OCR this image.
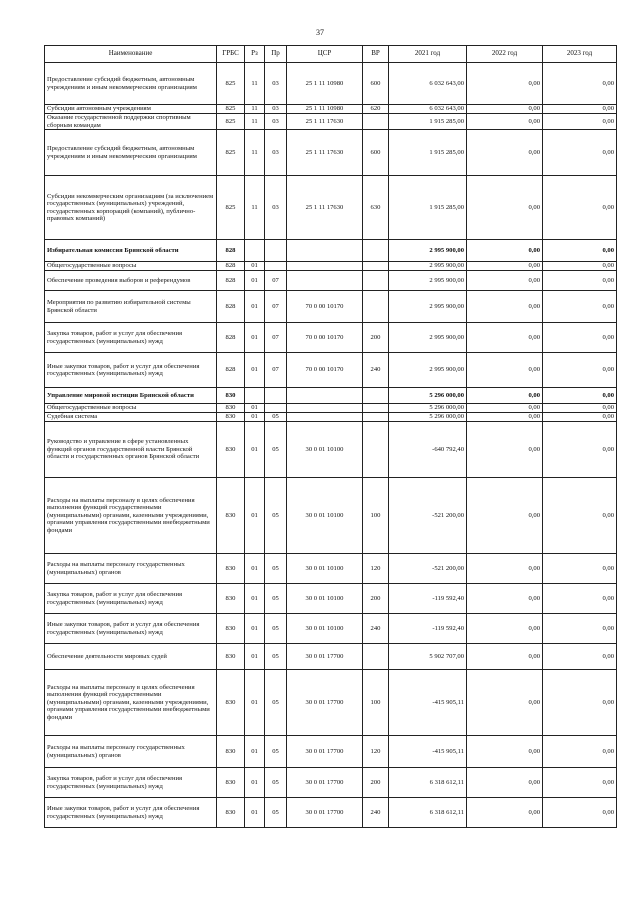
37
Наименование	ГРБС	Рз	Пр	ЦСР	ВР	2021 год	2022 год	2023 год
Предоставление субсидий бюджетным, автономным учреждениям и иным некоммерческим организациям	825	11	03	25 1 11 10980	600	6 032 643,00	0,00	0,00
Субсидии автономным учреждениям	825	11	03	25 1 11 10980	620	6 032 643,00	0,00	0,00
Оказание государственной поддержки спортивным сборным командам	825	11	03	25 1 11 17630		1 915 285,00	0,00	0,00
Предоставление субсидий бюджетным, автономным учреждениям и иным некоммерческим организациям	825	11	03	25 1 11 17630	600	1 915 285,00	0,00	0,00
Субсидии некоммерческим организациям (за исключением государственных (муниципальных) учреждений, государственных корпораций (компаний), публично-правовых компаний)	825	11	03	25 1 11 17630	630	1 915 285,00	0,00	0,00
Избирательная комиссия Брянской области	828					2 995 900,00	0,00	0,00
Общегосударственные вопросы	828	01				2 995 900,00	0,00	0,00
Обеспечение проведения выборов и референдумов	828	01	07			2 995 900,00	0,00	0,00
Мероприятия по развитию избирательной системы Брянской области	828	01	07	70 0 00 10170		2 995 900,00	0,00	0,00
Закупка товаров, работ и услуг для обеспечения государственных (муниципальных) нужд	828	01	07	70 0 00 10170	200	2 995 900,00	0,00	0,00
Иные закупки товаров, работ и услуг для обеспечения государственных (муниципальных) нужд	828	01	07	70 0 00 10170	240	2 995 900,00	0,00	0,00
Управление мировой юстиции Брянской области	830					5 296 000,00	0,00	0,00
Общегосударственные вопросы	830	01				5 296 000,00	0,00	0,00
Судебная система	830	01	05			5 296 000,00	0,00	0,00
Руководство и управление в сфере установленных функций органов государственной власти Брянской области и государственных органов Брянской области	830	01	05	30 0 01 10100		-640 792,40	0,00	0,00
Расходы на выплаты персоналу в целях обеспечения выполнения функций государственными (муниципальными) органами, казенными учреждениями, органами управления государственными внебюджетными фондами	830	01	05	30 0 01 10100	100	-521 200,00	0,00	0,00
Расходы на выплаты персоналу государственных (муниципальных) органов	830	01	05	30 0 01 10100	120	-521 200,00	0,00	0,00
Закупка товаров, работ и услуг для обеспечения государственных (муниципальных) нужд	830	01	05	30 0 01 10100	200	-119 592,40	0,00	0,00
Иные закупки товаров, работ и услуг для обеспечения государственных (муниципальных) нужд	830	01	05	30 0 01 10100	240	-119 592,40	0,00	0,00
Обеспечение деятельности мировых судей	830	01	05	30 0 01 17700		5 902 707,00	0,00	0,00
Расходы на выплаты персоналу в целях обеспечения выполнения функций государственными (муниципальными) органами, казенными учреждениями, органами управления государственными внебюджетными фондами	830	01	05	30 0 01 17700	100	-415 905,11	0,00	0,00
Расходы на выплаты персоналу государственных (муниципальных) органов	830	01	05	30 0 01 17700	120	-415 905,11	0,00	0,00
Закупка товаров, работ и услуг для обеспечения государственных (муниципальных) нужд	830	01	05	30 0 01 17700	200	6 318 612,11	0,00	0,00
Иные закупки товаров, работ и услуг для обеспечения государственных (муниципальных) нужд	830	01	05	30 0 01 17700	240	6 318 612,11	0,00	0,00
